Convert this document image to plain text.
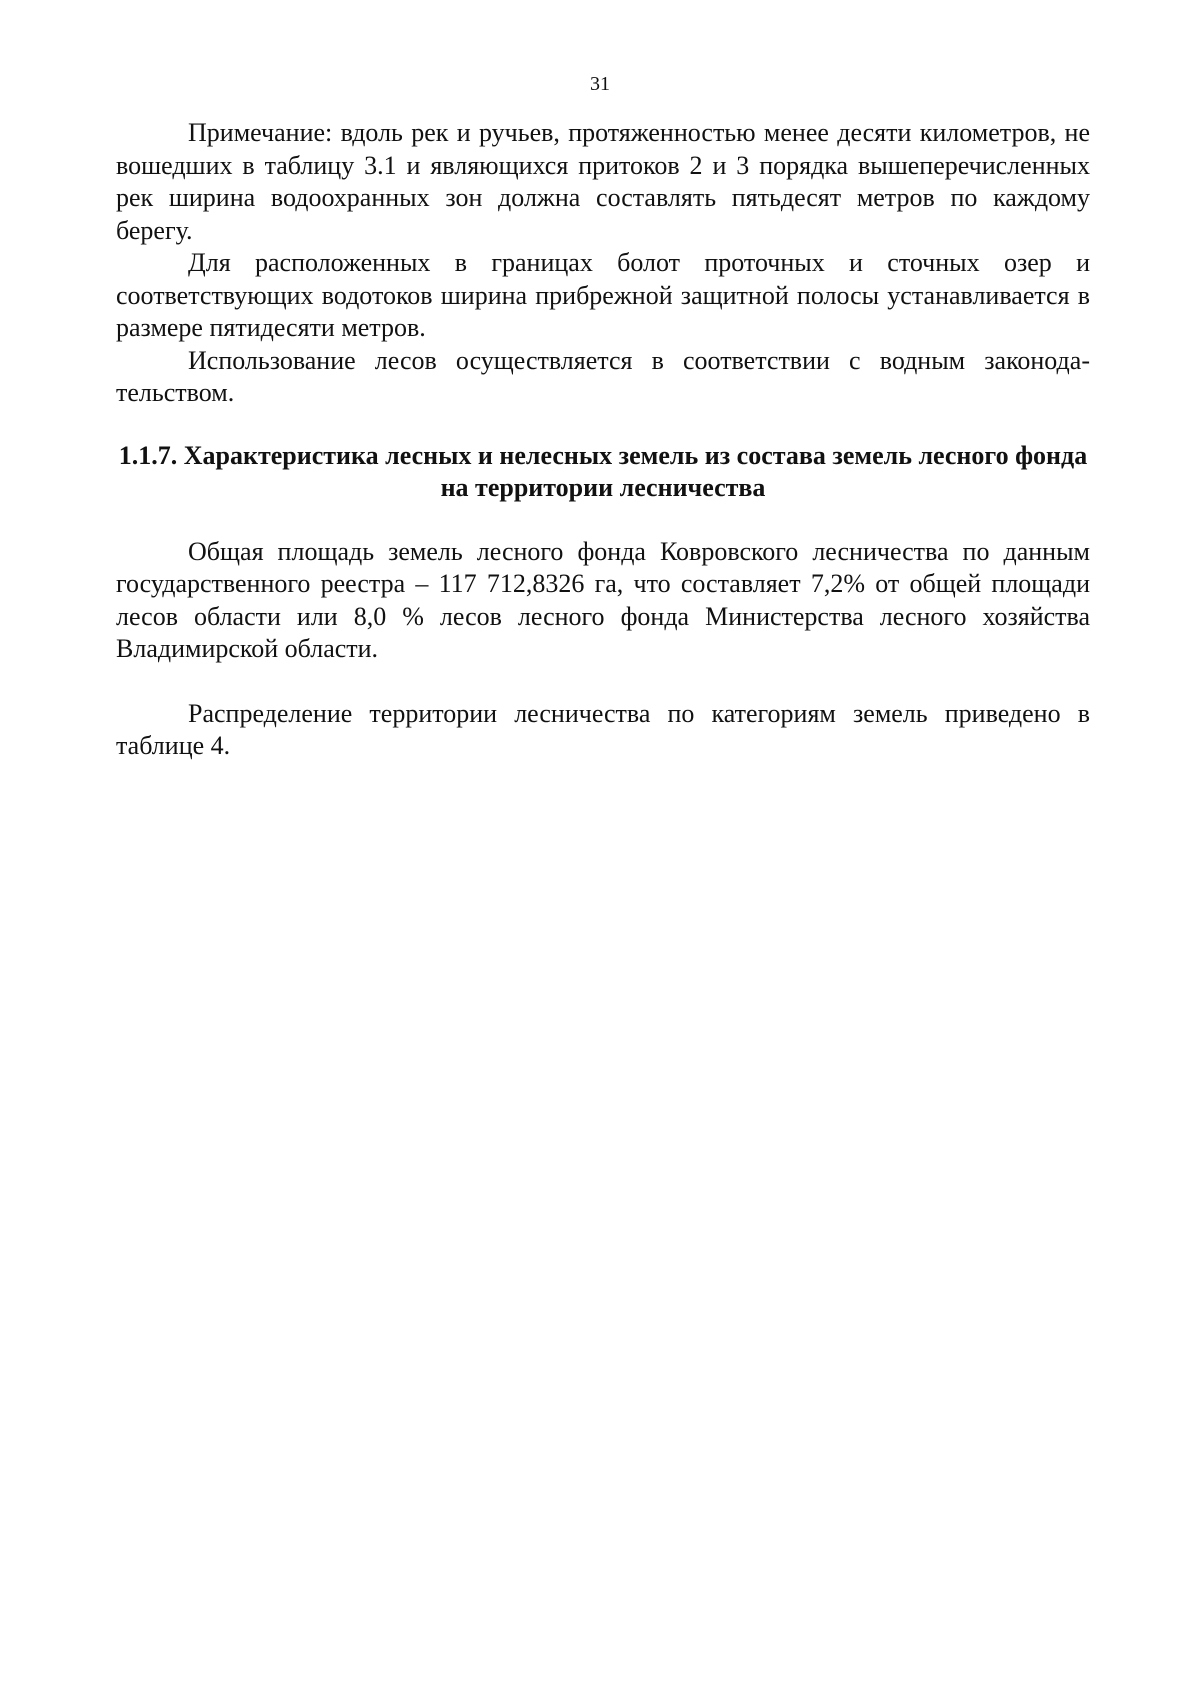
31

Примечание: вдоль рек и ручьев, протяженностью менее десяти километров, не вошедших в таблицу 3.1 и являющихся притоков 2 и 3 порядка вышеперечисленных рек ширина водоохранных зон должна составлять пятьдесят метров по каждому берегу.

Для расположенных в границах болот проточных и сточных озер и соответствующих водотоков ширина прибрежной защитной полосы устанавливается в размере пятидесяти метров.

Использование лесов осуществляется в соответствии с водным законодательством.

1.1.7. Характеристика лесных и нелесных земель из состава земель лесного фонда на территории лесничества

Общая площадь земель лесного фонда Ковровского лесничества по данным государственного реестра – 117 712,8326 га, что составляет 7,2% от общей площади лесов области или 8,0 % лесов лесного фонда Министерства лесного хозяйства Владимирской области.

Распределение территории лесничества по категориям земель приведено в таблице 4.
